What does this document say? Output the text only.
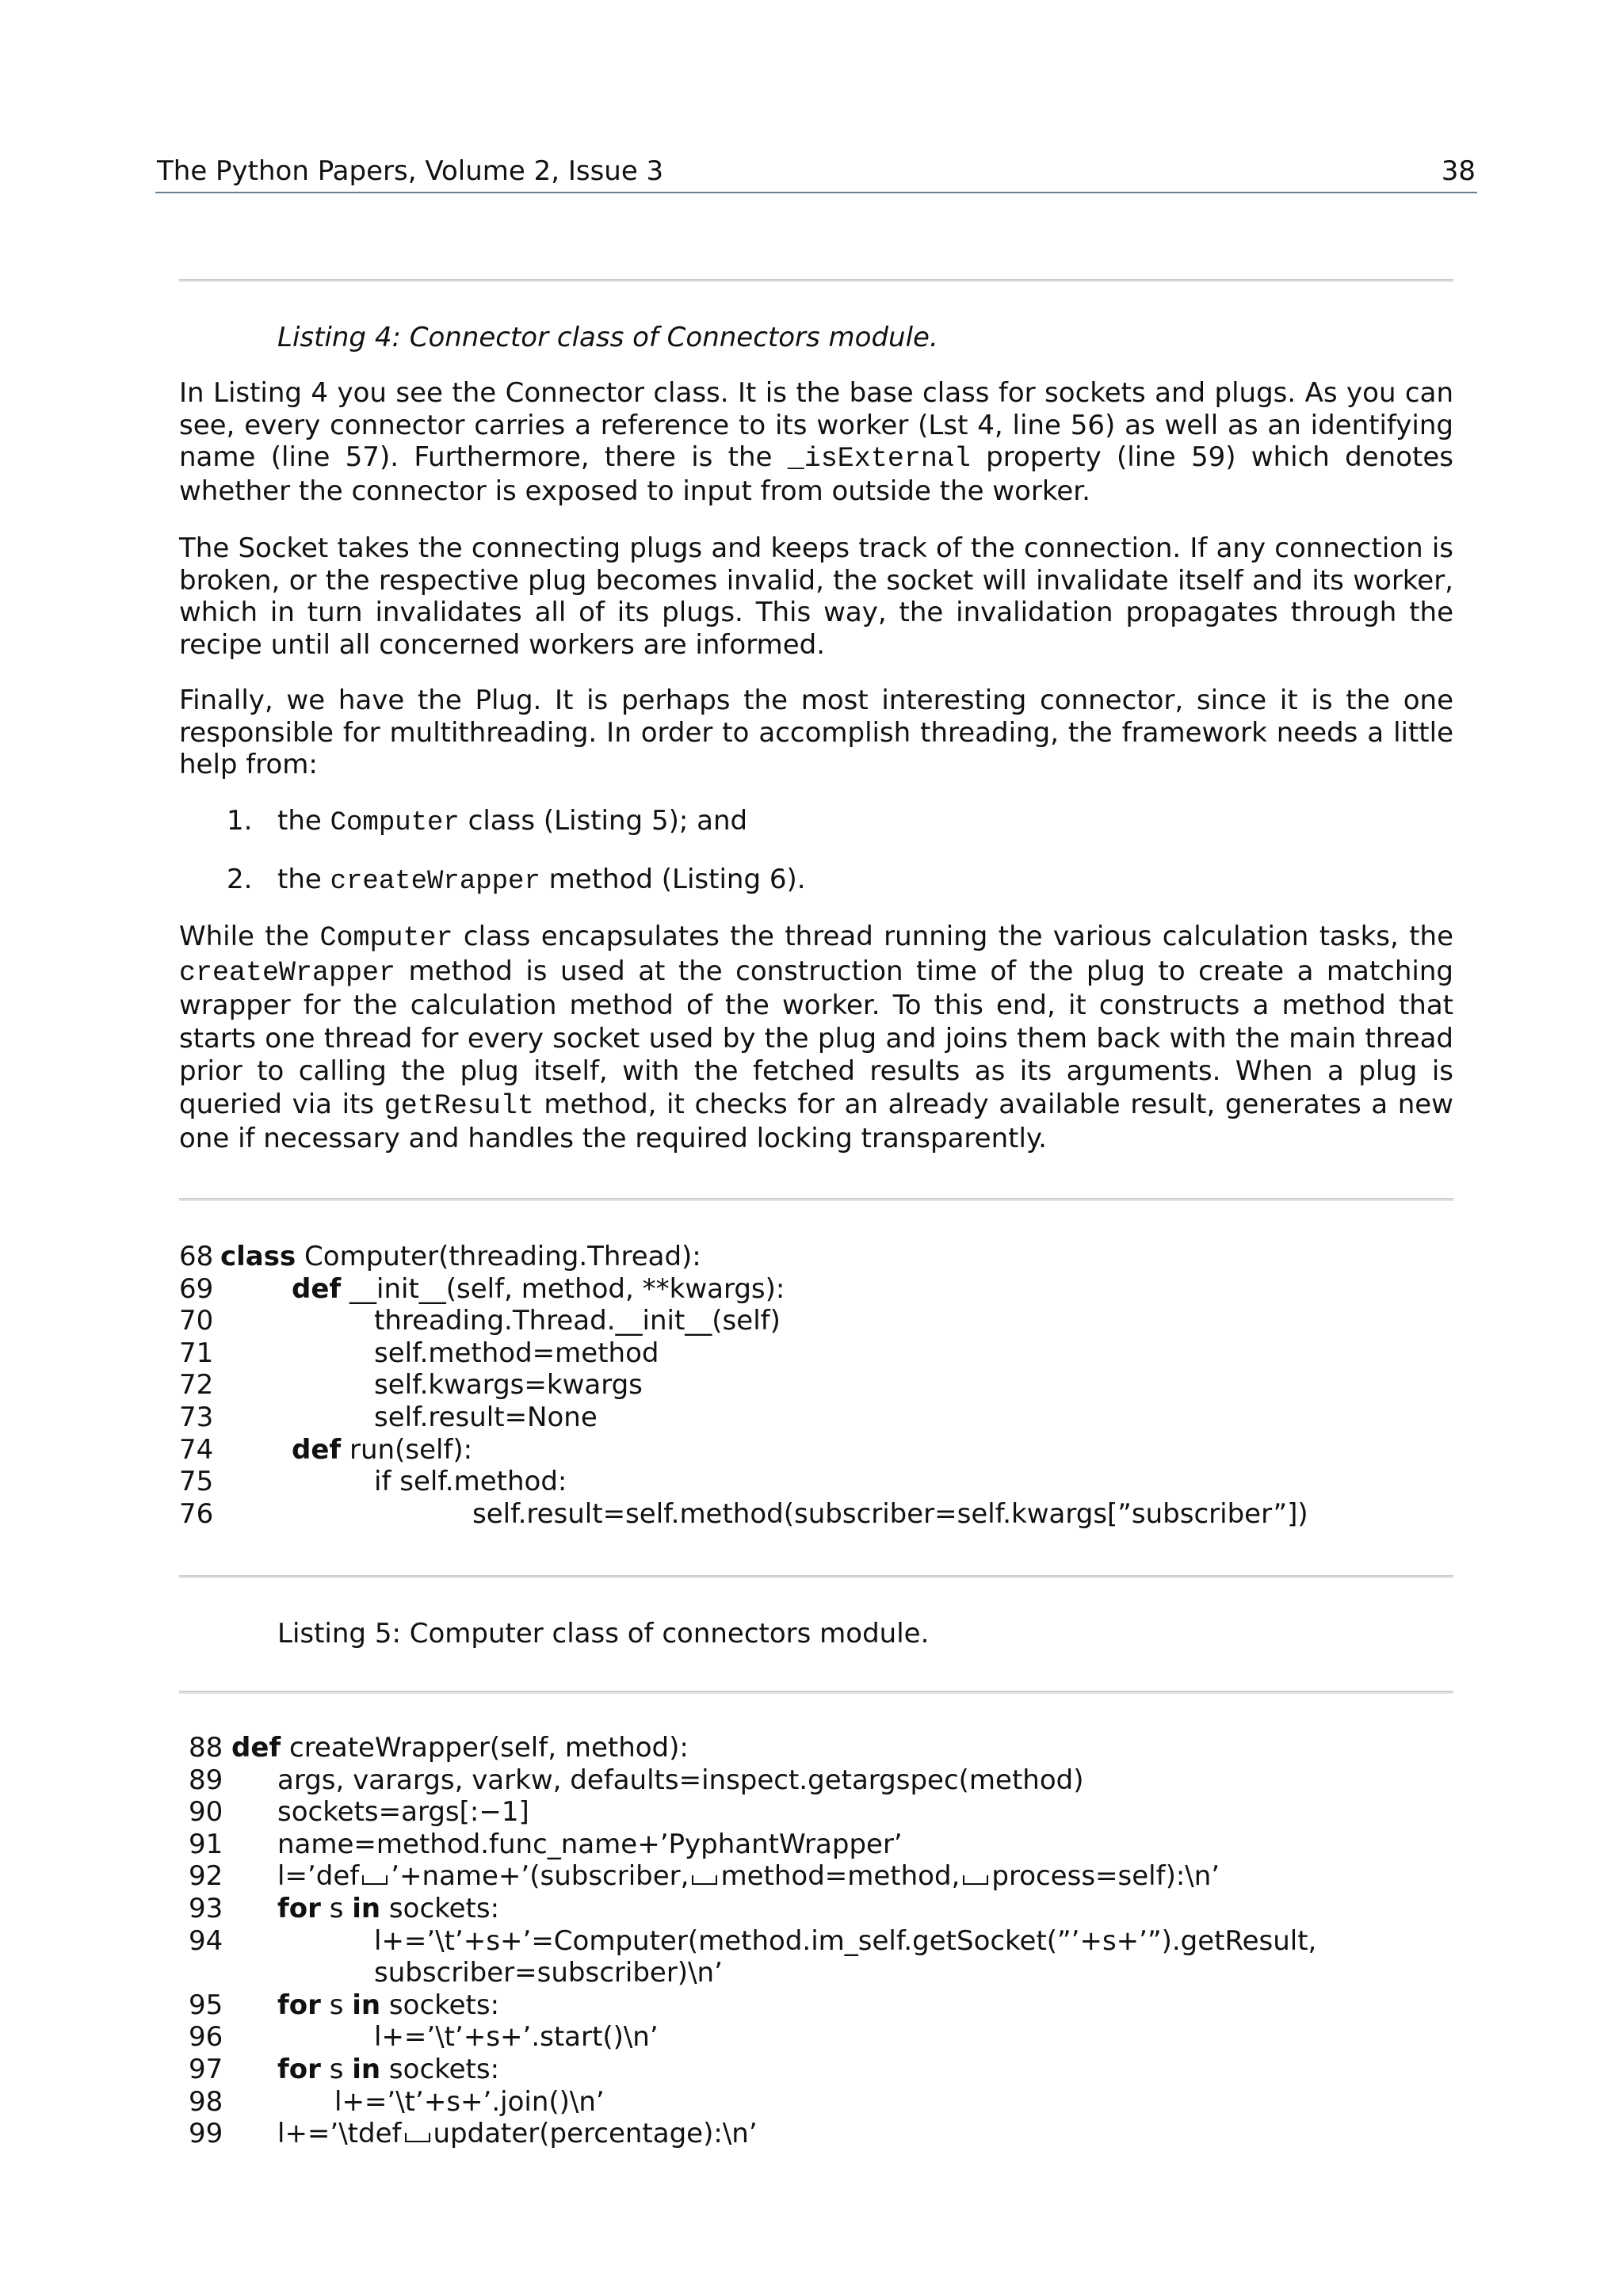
The Python Papers, Volume 2, Issue 3	38
Listing 4: Connector class of Connectors module.

In Listing 4 you see the Connector class. It is the base class for sockets and plugs. As you can see, every connector carries a reference to its worker (Lst 4, line 56) as well as an identifying name (line 57). Furthermore, there is the _isExternal property (line 59) which denotes whether the connector is exposed to input from outside the worker.

The Socket takes the connecting plugs and keeps track of the connection. If any connection is broken, or the respective plug becomes invalid, the socket will invalidate itself and its worker, which in turn invalidates all of its plugs. This way, the invalidation propagates through the recipe until all concerned workers are informed.

Finally, we have the Plug. It is perhaps the most interesting connector, since it is the one responsible for multithreading. In order to accomplish threading, the framework needs a little help from:

1. the Computer class (Listing 5); and
2. the createWrapper method (Listing 6).

While the Computer class encapsulates the thread running the various calculation tasks, the createWrapper method is used at the construction time of the plug to create a matching wrapper for the calculation method of the worker. To this end, it constructs a method that starts one thread for every socket used by the plug and joins them back with the main thread prior to calling the plug itself, with the fetched results as its arguments. When a plug is queried via its getResult method, it checks for an already available result, generates a new one if necessary and handles the required locking transparently.

68 class Computer(threading.Thread):

69	def __init__(self, method, **kwargs):

70	threading.Thread.__init__(self)

71	self.method=method

72	self.kwargs=kwargs

73	self.result=None

74	def run(self):

75	if self.method:

76	self.result=self.method(subscriber=self.kwargs[”subscriber”])

Listing 5: Computer class of connectors module.

88 def createWrapper(self, method):

89 args, varargs, varkw, defaults=inspect.getargspec(method)

90 sockets=args[:−1]

91 name=method.func_name+’PyphantWrapper’

92 l=’def ’+name+’(subscriber, method=method, process=self):\n’

93 for s in sockets:

94	l+=’\t’+s+’=Computer(method.im_self.getSocket(”’+s+’”).getResult,

subscriber=subscriber)\n’

95 for s in sockets:

96	l+=’\t’+s+’.start()\n’

97 for s in sockets:

98	l+=’\t’+s+’.join()\n’

99 l+=’\tdef updater(percentage):\n’
